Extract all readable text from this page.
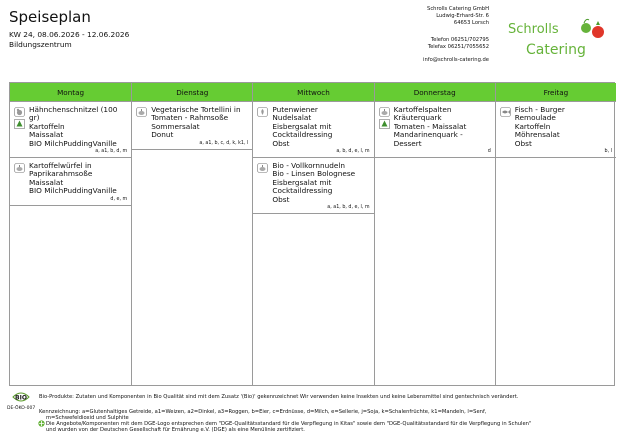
Speiseplan
KW 24, 08.06.2026 - 12.06.2026
Bildungszentrum
Schrolls Catering GmbH
Ludwig-Erhard-Str. 6
64653 Lorsch
Telefon 06251/702795
Telefax 06251/7055652
info@schrolls-catering.de
Schrolls
Catering
Montag
Hähnchenschnitzel (100
gr)
Kartoffeln
Maissalat
BIO MilchPuddingVanille
a, a1, b, d, m
Kartoffelwürfel in
Paprikarahmsoße
Maissalat
BIO MilchPuddingVanille
d, e, m
Dienstag
Vegetarische Tortellini in
Tomaten - Rahmsoße
Sommersalat
Donut
a, a1, b, c, d, k, k1, l
Mittwoch
Putenwiener
Nudelsalat
Eisbergsalat mit
Cocktaildressing
Obst
a, b, d, e, l, m
Bio - Vollkornnudeln
Bio - Linsen Bolognese
Eisbergsalat mit
Cocktaildressing
Obst
a, a1, b, d, e, l, m
Donnerstag
Kartoffelspalten
Kräuterquark
Tomaten - Maissalat
Mandarinenquark -
Dessert
d
Freitag
Fisch - Burger
Remoulade
Kartoffeln
Möhrensalat
Obst
b, l
BIO
DE-ÖKO-007
Bio-Produkte: Zutaten und Komponenten in Bio Qualität sind mit dem Zusatz '(Bio)' gekennzeichnet Wir verwenden keine Insekten und keine Lebensmittel sind gentechnisch verändert.
Kennzeichnung: a=Glutenhaltiges Getreide, a1=Weizen, a2=Dinkel, a3=Roggen, b=Eier, c=Erdnüsse, d=Milch, e=Sellerie, j=Soja, k=Schalenfrüchte, k1=Mandeln, l=Senf,
m=Schwefeldioxid und Sulphite
Die Angebote/Komponenten mit dem DGE-Logo entsprechen dem "DGE-Qualitätsstandard für die Verpflegung in Kitas" sowie dem "DGE-Qualitätsstandard für die Verpflegung in Schulen"
und wurden von der Deutschen Gesellschaft für Ernährung e.V. (DGE) als eine Menülinie zertifiziert.
